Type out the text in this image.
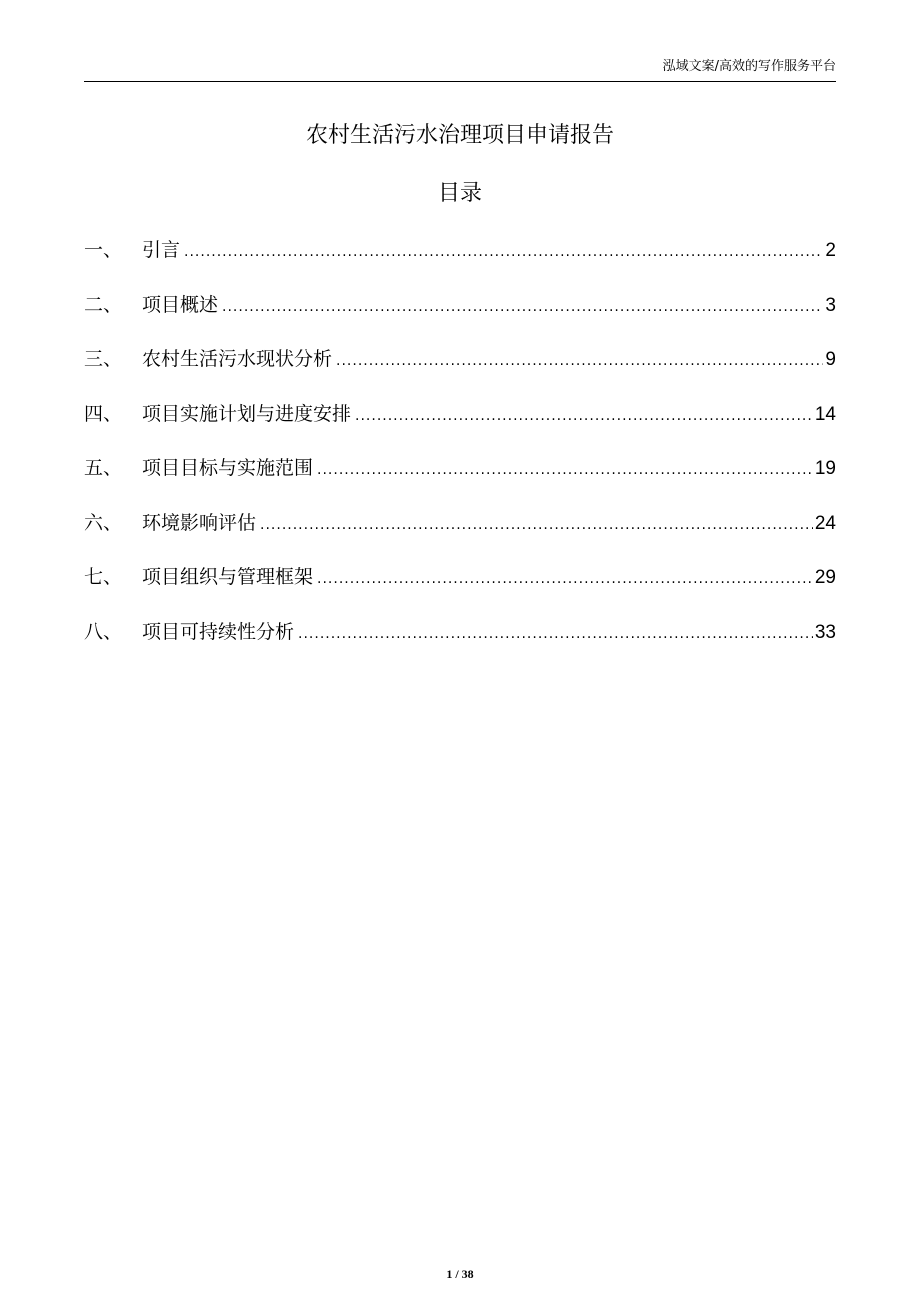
泓域文案/高效的写作服务平台
农村生活污水治理项目申请报告
目录
一、	引言 .....	2
二、	项目概述 .....	3
三、	农村生活污水现状分析 .....	9
四、	项目实施计划与进度安排 .....	14
五、	项目目标与实施范围 .....	19
六、	环境影响评估 .....	24
七、	项目组织与管理框架 .....	29
八、	项目可持续性分析 .....	33
1 / 38
